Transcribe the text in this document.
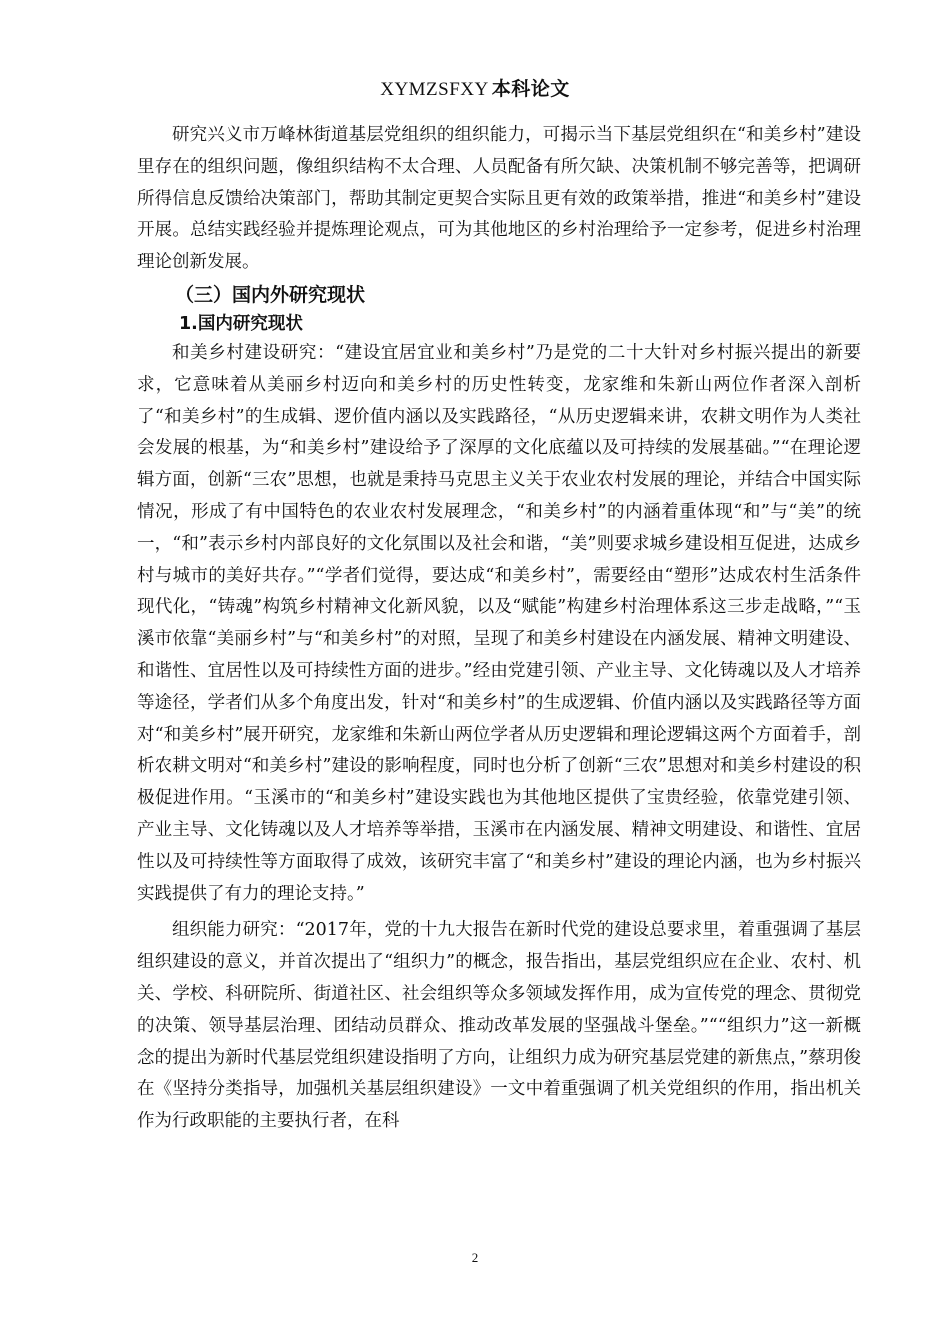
XYMZSFXY 本科论文

研究兴义市万峰林街道基层党组织的组织能力，可揭示当下基层党组织在“和美乡村”建设里存在的组织问题，像组织结构不太合理、人员配备有所欠缺、决策机制不够完善等，把调研所得信息反馈给决策部门，帮助其制定更契合实际且更有效的政策举措，推进“和美乡村”建设开展。总结实践经验并提炼理论观点，可为其他地区的乡村治理给予一定参考，促进乡村治理理论创新发展。

（三）国内外研究现状
1.国内研究现状

和美乡村建设研究：“建设宜居宜业和美乡村”乃是党的二十大针对乡村振兴提出的新要求，它意味着从美丽乡村迈向和美乡村的历史性转变，龙家维和朱新山两位作者深入剖析了“和美乡村”的生成辑、逻价值内涵以及实践路径，“从历史逻辑来讲，农耕文明作为人类社会发展的根基，为“和美乡村”建设给予了深厚的文化底蕴以及可持续的发展基础。”“在理论逻辑方面，创新“三农”思想，也就是秉持马克思主义关于农业农村发展的理论，并结合中国实际情况，形成了有中国特色的农业农村发展理念，“和美乡村”的内涵着重体现“和”与“美”的统一，“和”表示乡村内部良好的文化氛围以及社会和谐，“美”则要求城乡建设相互促进，达成乡村与城市的美好共存。”“学者们觉得，要达成“和美乡村”，需要经由“塑形”达成农村生活条件现代化，“铸魂”构筑乡村精神文化新风貌，以及“赋能”构建乡村治理体系这三步走战略，”“玉溪市依靠“美丽乡村”与“和美乡村”的对照，呈现了和美乡村建设在内涵发展、精神文明建设、和谐性、宜居性以及可持续性方面的进步。”经由党建引领、产业主导、文化铸魂以及人才培养等途径，学者们从多个角度出发，针对“和美乡村”的生成逻辑、价值内涵以及实践路径等方面对“和美乡村”展开研究，龙家维和朱新山两位学者从历史逻辑和理论逻辑这两个方面着手，剖析农耕文明对“和美乡村”建设的影响程度，同时也分析了创新“三农”思想对和美乡村建设的积极促进作用。“玉溪市的“和美乡村”建设实践也为其他地区提供了宝贵经验，依靠党建引领、产业主导、文化铸魂以及人才培养等举措，玉溪市在内涵发展、精神文明建设、和谐性、宜居性以及可持续性等方面取得了成效，该研究丰富了“和美乡村”建设的理论内涵，也为乡村振兴实践提供了有力的理论支持。”

组织能力研究：“2017年，党的十九大报告在新时代党的建设总要求里，着重强调了基层组织建设的意义，并首次提出了“组织力”的概念，报告指出，基层党组织应在企业、农村、机关、学校、科研院所、街道社区、社会组织等众多领域发挥作用，成为宣传党的理念、贯彻党的决策、领导基层治理、团结动员群众、推动改革发展的坚强战斗堡垒。”““组织力”这一新概念的提出为新时代基层党组织建设指明了方向，让组织力成为研究基层党建的新焦点，”蔡玥俊在《坚持分类指导，加强机关基层组织建设》一文中着重强调了机关党组织的作用，指出机关作为行政职能的主要执行者，在科

2
